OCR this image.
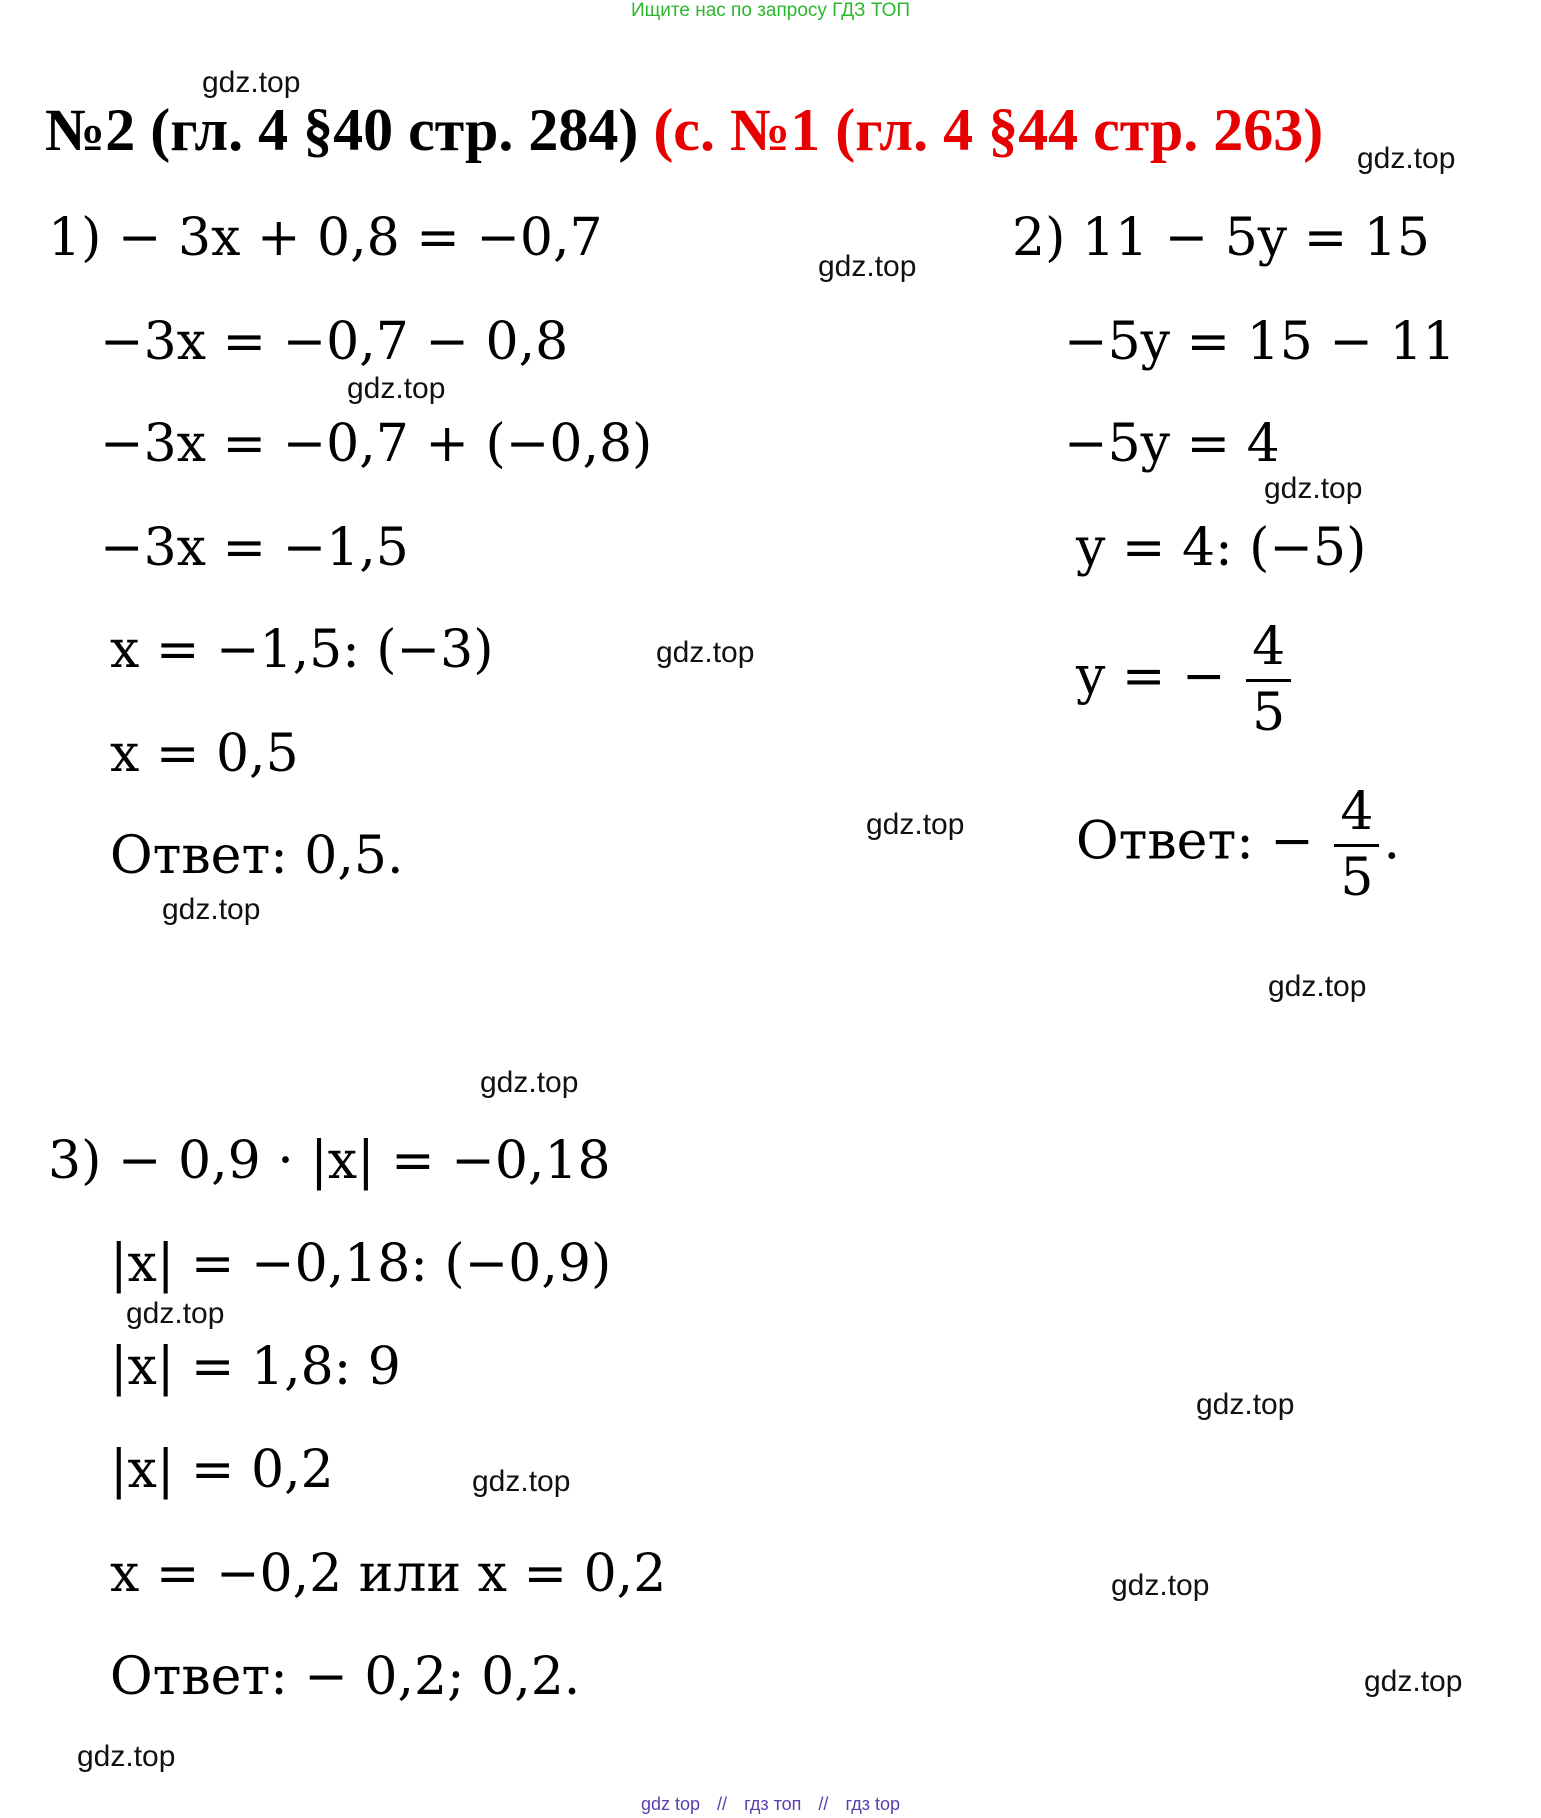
Ищите нас по запросу ГДЗ ТОП
№2 (гл. 4 §40 стр. 284) (с. №1 (гл. 4 §44 стр. 263)
1) − 3x + 0,8 = −0,7
−3x = −0,7 − 0,8
−3x = −0,7 + (−0,8)
−3x = −1,5
x = −1,5: (−3)
x = 0,5
Ответ: 0,5.
2) 11 − 5y = 15
−5y = 15 − 11
−5y = 4
y = 4: (−5)
y = − $\frac{4}{5}$
Ответ: − $\frac{4}{5}$ .
3) − 0,9 · |x| = −0,18
|x| = −0,18: (−0,9)
|x| = 1,8: 9
|x| = 0,2
x = −0,2 или x = 0,2
Ответ: − 0,2; 0,2.
gdz.top
gdz.top
gdz.top
gdz.top
gdz.top
gdz.top
gdz.top
gdz.top
gdz.top
gdz.top
gdz.top
gdz.top
gdz.top
gdz.top
gdz.top
gdz.top
gdz top // гдз топ // гдз top
